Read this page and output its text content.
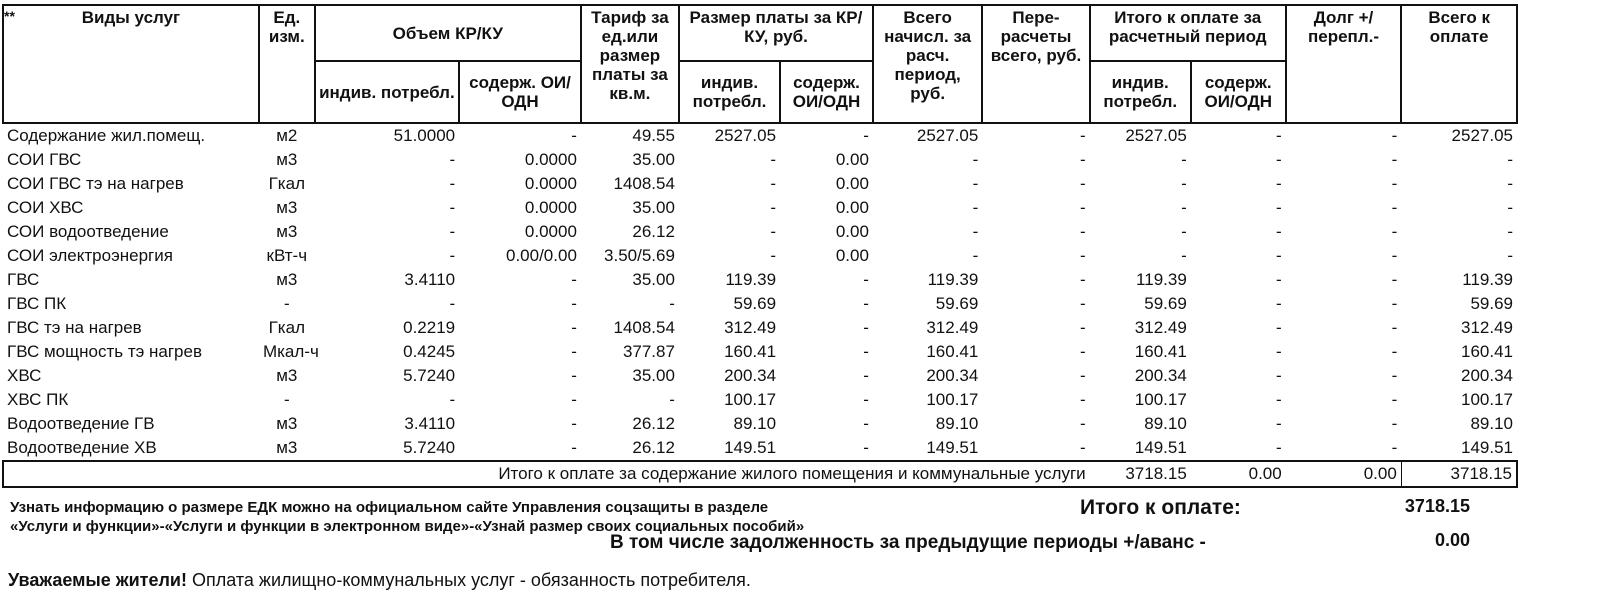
**	Виды услуг	Ед. изм.	Объем КР/КУ		Тариф за ед.или размер платы за кв.м.	Размер платы за КР/КУ, руб.		Всего начисл. за расч. период, руб.	Пере-расчеты всего, руб.	Итого к оплате за расчетный период		Долг +/ перепл.-	Всего к оплате
		индив. потребл.	содерж. ОИ/ОДН		индив. потребл.	содерж. ОИ/ОДН			индив. потребл.	содерж. ОИ/ОДН		
Содержание жил.помещ.	м2	51.0000	-	49.55	2527.05	-	2527.05	-	2527.05	-	-	2527.05
СОИ ГВС	м3	-	0.0000	35.00	-	0.00	-	-	-	-	-	-
СОИ ГВС тэ на нагрев	Гкал	-	0.0000	1408.54	-	0.00	-	-	-	-	-	-
СОИ ХВС	м3	-	0.0000	35.00	-	0.00	-	-	-	-	-	-
СОИ водоотведение	м3	-	0.0000	26.12	-	0.00	-	-	-	-	-	-
СОИ электроэнергия	кВт-ч	-	0.00/0.00	3.50/5.69	-	0.00	-	-	-	-	-	-
ГВС	м3	3.4110	-	35.00	119.39	-	119.39	-	119.39	-	-	119.39
ГВС ПК	-	-	-	-	59.69	-	59.69	-	59.69	-	-	59.69
ГВС тэ на нагрев	Гкал	0.2219	-	1408.54	312.49	-	312.49	-	312.49	-	-	312.49
ГВС мощность тэ нагрев	Мкал-ч	0.4245	-	377.87	160.41	-	160.41	-	160.41	-	-	160.41
ХВС	м3	5.7240	-	35.00	200.34	-	200.34	-	200.34	-	-	200.34
ХВС ПК	-	-	-	-	100.17	-	100.17	-	100.17	-	-	100.17
Водоотведение ГВ	м3	3.4110	-	26.12	89.10	-	89.10	-	89.10	-	-	89.10
Водоотведение ХВ	м3	5.7240	-	26.12	149.51	-	149.51	-	149.51	-	-	149.51
Итого к оплате за содержание жилого помещения и коммунальные услуги									3718.15	0.00	0.00	3718.15
Узнать информацию о размере ЕДК можно на официальном сайте Управления соцзащиты в разделе
«Услуги и функции»-«Услуги и функции в электронном виде»-«Узнай размер своих социальных пособий»
Итого к оплате:	3718.15
В том числе задолженность за предыдущие периоды +/аванс -	0.00
Уважаемые жители! Оплата жилищно-коммунальных услуг - обязанность потребителя.
